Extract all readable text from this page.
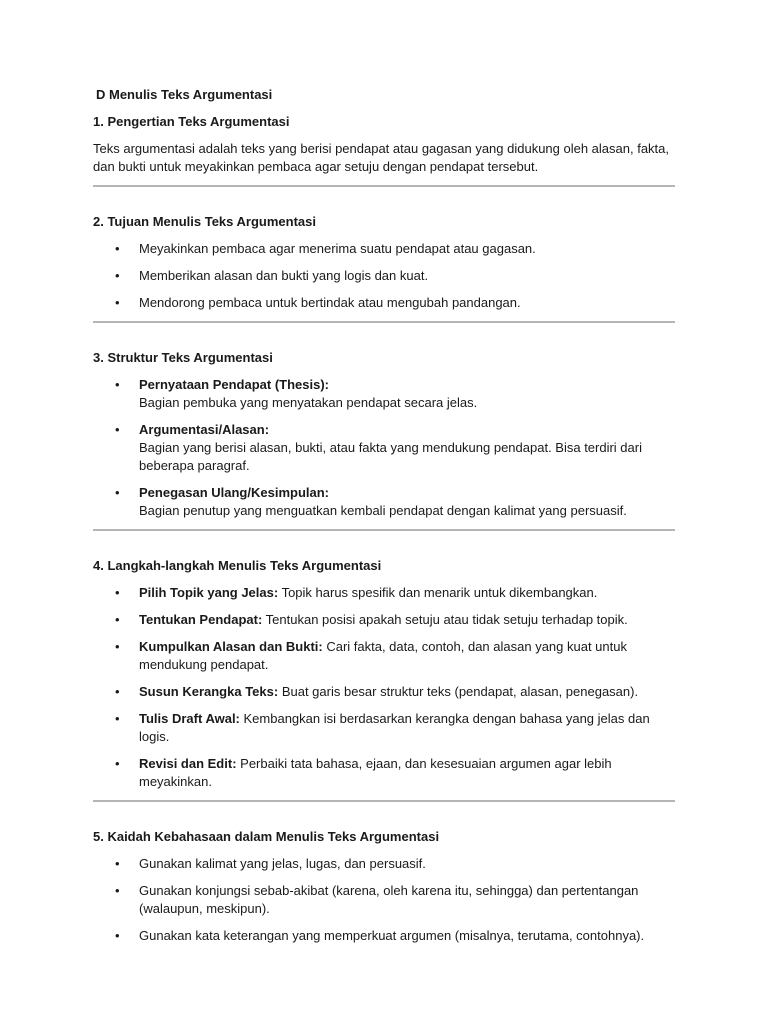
D Menulis Teks Argumentasi
1. Pengertian Teks Argumentasi

Teks argumentasi adalah teks yang berisi pendapat atau gagasan yang didukung oleh alasan, fakta, dan bukti untuk meyakinkan pembaca agar setuju dengan pendapat tersebut.

2. Tujuan Menulis Teks Argumentasi
• Meyakinkan pembaca agar menerima suatu pendapat atau gagasan.
• Memberikan alasan dan bukti yang logis dan kuat.
• Mendorong pembaca untuk bertindak atau mengubah pandangan.
3. Struktur Teks Argumentasi
• Pernyataan Pendapat (Thesis):
Bagian pembuka yang menyatakan pendapat secara jelas.
• Argumentasi/Alasan:
Bagian yang berisi alasan, bukti, atau fakta yang mendukung pendapat. Bisa terdiri dari beberapa paragraf.
• Penegasan Ulang/Kesimpulan:
Bagian penutup yang menguatkan kembali pendapat dengan kalimat yang persuasif.
4. Langkah-langkah Menulis Teks Argumentasi
• Pilih Topik yang Jelas: Topik harus spesifik dan menarik untuk dikembangkan.
• Tentukan Pendapat: Tentukan posisi apakah setuju atau tidak setuju terhadap topik.
• Kumpulkan Alasan dan Bukti: Cari fakta, data, contoh, dan alasan yang kuat untuk mendukung pendapat.
• Susun Kerangka Teks: Buat garis besar struktur teks (pendapat, alasan, penegasan).
• Tulis Draft Awal: Kembangkan isi berdasarkan kerangka dengan bahasa yang jelas dan logis.
• Revisi dan Edit: Perbaiki tata bahasa, ejaan, dan kesesuaian argumen agar lebih meyakinkan.
5. Kaidah Kebahasaan dalam Menulis Teks Argumentasi
• Gunakan kalimat yang jelas, lugas, dan persuasif.
• Gunakan konjungsi sebab-akibat (karena, oleh karena itu, sehingga) dan pertentangan (walaupun, meskipun).
• Gunakan kata keterangan yang memperkuat argumen (misalnya, terutama, contohnya).
